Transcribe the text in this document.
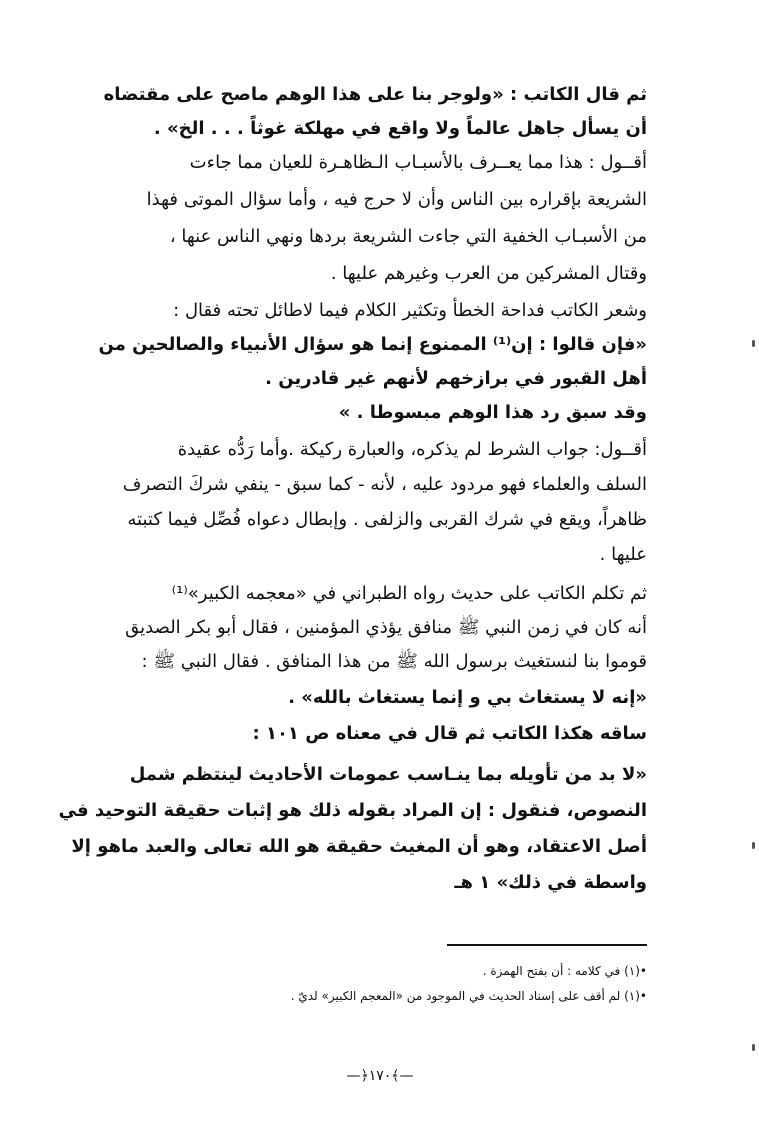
ثم قال الكاتب : «ولوجر بنا على هذا الوهم ماصح على مقتضاه
أن يسأل جاهل عالماً ولا واقع في مهلكة غوثاً . . . الخ» .
أقــول : هذا مما يعــرف بالأسبـاب الـظاهـرة للعيان مما جاءت
الشريعة بإقراره بين الناس وأن لا حرج فيه ، وأما سؤال الموتى فهذا
من الأسبـاب الخفية التي جاءت الشريعة بردها ونهي الناس عنها ،
وقتال المشركين من العرب وغيرهم عليها .
وشعر الكاتب فداحة الخطأ وتكثير الكلام فيما لاطائل تحته فقال :
«فإن قالوا : إن⁽¹⁾ الممنوع إنما هو سؤال الأنبياء والصالحين من
أهل القبور في برازخهم لأنهم غير قادرين .
وقد سبق رد هذا الوهم مبسوطا . »
أقــول: جواب الشرط لم يذكره، والعبارة ركيكة .وأما رَدُّه عقيدة
السلف والعلماء فهو مردود عليه ، لأنه - كما سبق - ينفي شركَ التصرف
ظاهراً، ويقع في شرك القربى والزلفى . وإبطال دعواه فُصِّل فيما كتبته
عليها .
ثم تكلم الكاتب على حديث رواه الطبراني في «معجمه الكبير»⁽¹⁾
أنه كان في زمن النبي ﷺ منافق يؤذي المؤمنين ، فقال أبو بكر الصديق
قوموا بنا لنستغيث برسول الله ﷺ من هذا المنافق . فقال النبي ﷺ :
«إنه لا يستغاث بي و إنما يستغاث بالله» .
ساقه هكذا الكاتب ثم قال في معناه ص ١٠١ :
«لا بد من تأويله بما ينـاسب عمومات الأحاديث لينتظم شمل
النصوص، فنقول : إن المراد بقوله ذلك هو إثبات حقيقة التوحيد في
أصل الاعتقاد، وهو أن المغيث حقيقة هو الله تعالى والعبد ماهو إلا
واسطة في ذلك» ١ هـ
•(١) في كلامه : أن بفتح الهمزة .
•(١) لم أقف على إسناد الحديث في الموجود من «المعجم الكبير» لديّ .
—﴿١٧٠﴾—
